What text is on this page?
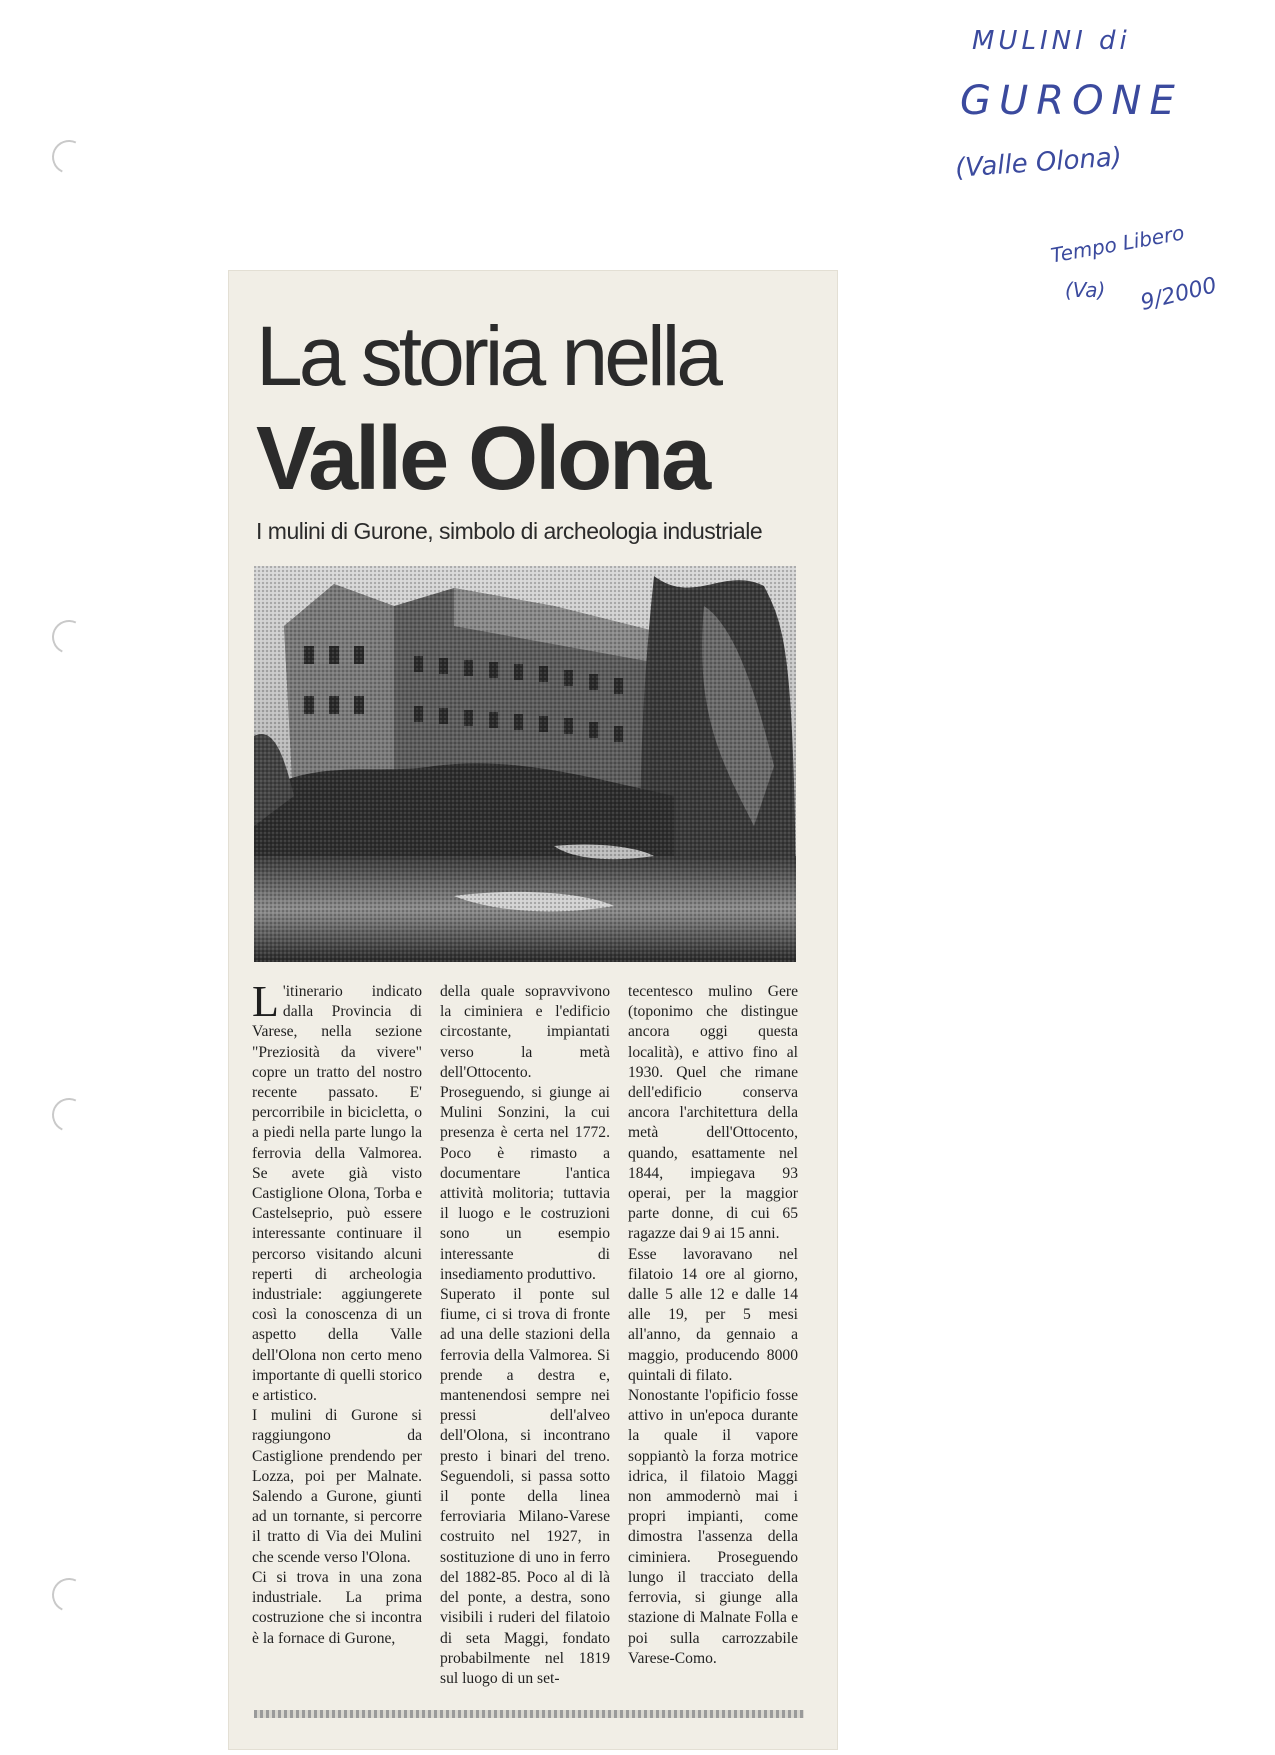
MULINI di
GURONE
(Valle Olona)
Tempo Libero
(Va) 9/2000
La storia nella
Valle Olona
I mulini di Gurone, simbolo di archeologia industriale

L 'itinerario indicato dalla Provincia di Varese, nella sezione "Preziosità da vivere" copre un tratto del nostro recente passato. E' percorribile in bicicletta, o a piedi nella parte lungo la ferrovia della Valmorea. Se avete già visto Castiglione Olona, Torba e Castelseprio, può essere interessante continuare il percorso visitando alcuni reperti di archeologia industriale: aggiungerete così la conoscenza di un aspetto della Valle dell'Olona non certo meno importante di quelli storico e artistico.

I mulini di Gurone si raggiungono da Castiglione prendendo per Lozza, poi per Malnate. Salendo a Gurone, giunti ad un tornante, si percorre il tratto di Via dei Mulini che scende verso l'Olona.

Ci si trova in una zona industriale. La prima costruzione che si incontra è la fornace di Gurone,

della quale sopravvivono la ciminiera e l'edificio circostante, impiantati verso la metà dell'Ottocento. Proseguendo, si giunge ai Mulini Sonzini, la cui presenza è certa nel 1772. Poco è rimasto a documentare l'antica attività molitoria; tuttavia il luogo e le costruzioni sono un esempio interessante di insediamento produttivo.

Superato il ponte sul fiume, ci si trova di fronte ad una delle stazioni della ferrovia della Valmorea. Si prende a destra e, mantenendosi sempre nei pressi dell'alveo dell'Olona, si incontrano presto i binari del treno. Seguendoli, si passa sotto il ponte della linea ferroviaria Milano-Varese costruito nel 1927, in sostituzione di uno in ferro del 1882-85. Poco al di là del ponte, a destra, sono visibili i ruderi del filatoio di seta Maggi, fondato probabilmente nel 1819 sul luogo di un set-

tecentesco mulino Gere (toponimo che distingue ancora oggi questa località), e attivo fino al 1930. Quel che rimane dell'edificio conserva ancora l'architettura della metà dell'Ottocento, quando, esattamente nel 1844, impiegava 93 operai, per la maggior parte donne, di cui 65 ragazze dai 9 ai 15 anni.

Esse lavoravano nel filatoio 14 ore al giorno, dalle 5 alle 12 e dalle 14 alle 19, per 5 mesi all'anno, da gennaio a maggio, producendo 8000 quintali di filato.

Nonostante l'opificio fosse attivo in un'epoca durante la quale il vapore soppiantò la forza motrice idrica, il filatoio Maggi non ammodernò mai i propri impianti, come dimostra l'assenza della ciminiera. Proseguendo lungo il tracciato della ferrovia, si giunge alla stazione di Malnate Folla e poi sulla carrozzabile Varese-Como.
